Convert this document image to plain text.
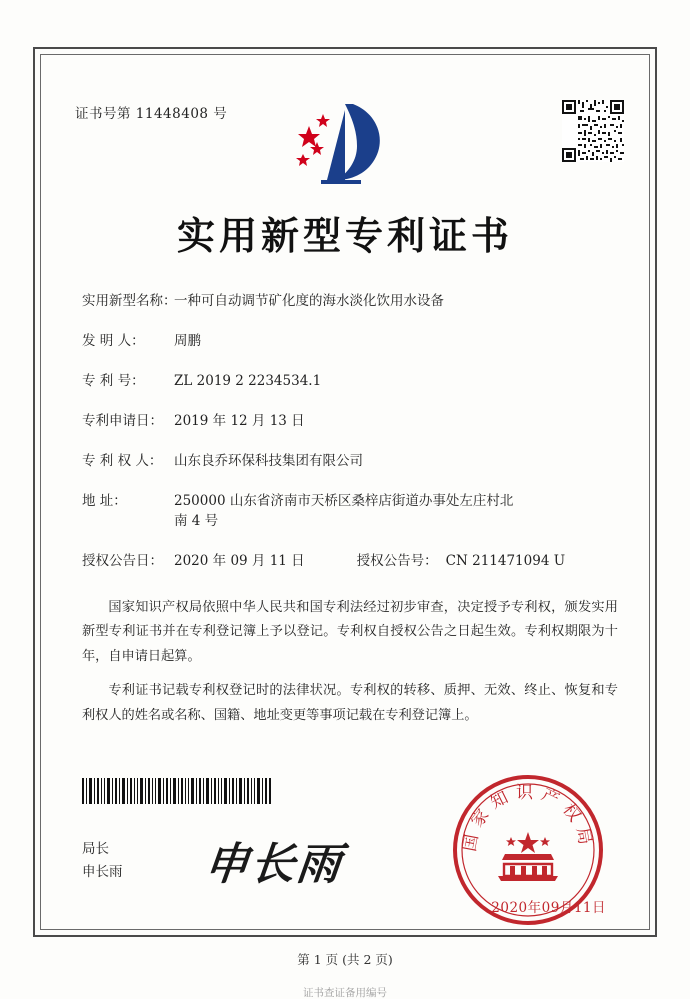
证书号第 11448408 号
实用新型专利证书
实用新型名称：
一种可自动调节矿化度的海水淡化饮用水设备
发 明 人：	周鹏
专 利 号：	ZL 2019 2 2234534.1
专利申请日： 2019 年 12 月 13 日
专 利 权 人： 山东良乔环保科技集团有限公司
地 址：	250000 山东省济南市天桥区桑梓店街道办事处左庄村北
南 4 号
授权公告日： 2020 年 09 月 11 日	授权公告号： CN 211471094 U

国家知识产权局依照中华人民共和国专利法经过初步审查，决定授予专利权，颁发实用新型专利证书并在专利登记簿上予以登记。专利权自授权公告之日起生效。专利权期限为十年，自申请日起算。

专利证书记载专利权登记时的法律状况。专利权的转移、质押、无效、终止、恢复和专利权人的姓名或名称、国籍、地址变更等事项记载在专利登记簿上。

局长
申长雨 申长雨	国家知识产权局
2020年09月11日
第 1 页 (共 2 页)
证书查证备用编号
